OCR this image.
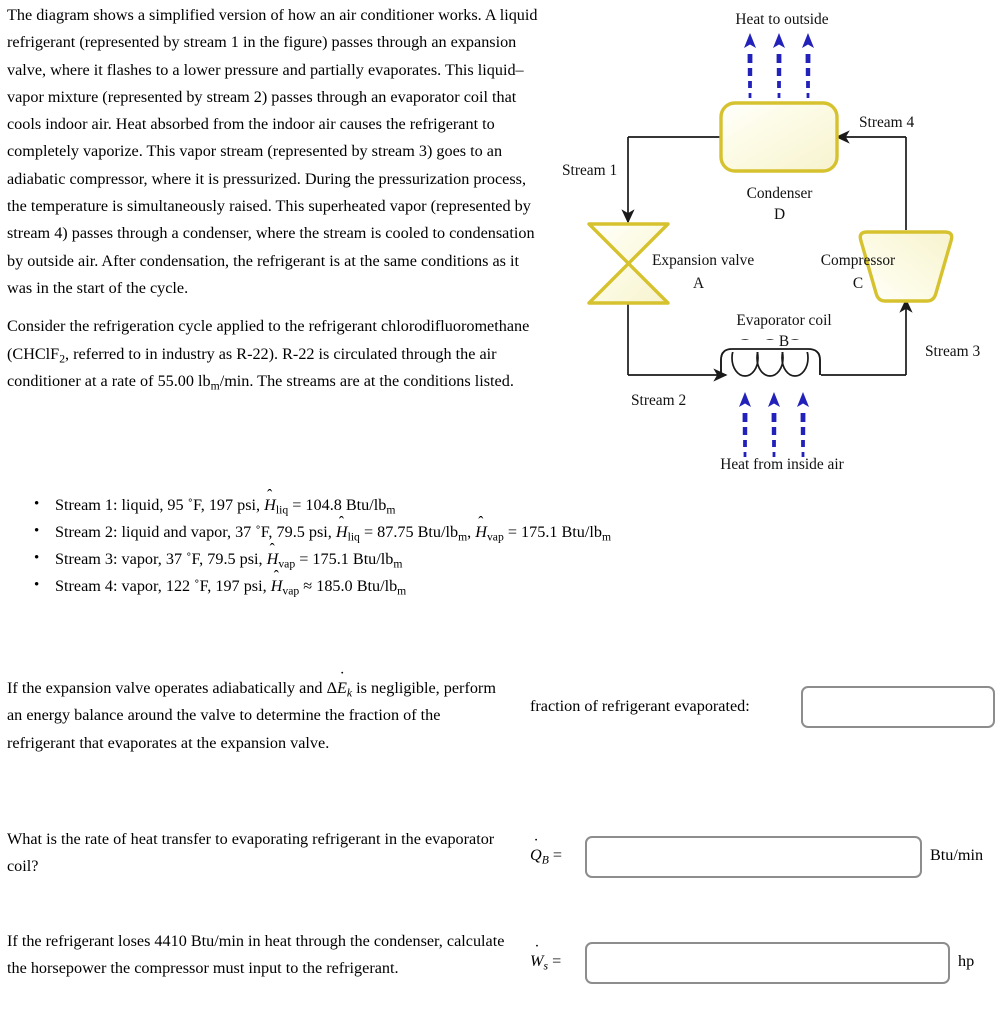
The diagram shows a simplified version of how an air conditioner works. A liquid refrigerant (represented by stream 1 in the figure) passes through an expansion valve, where it flashes to a lower pressure and partially evaporates. This liquid–vapor mixture (represented by stream 2) passes through an evaporator coil that cools indoor air. Heat absorbed from the indoor air causes the refrigerant to completely vaporize. This vapor stream (represented by stream 3) goes to an adiabatic compressor, where it is pressurized. During the pressurization process, the temperature is simultaneously raised. This superheated vapor (represented by stream 4) passes through a condenser, where the stream is cooled to condensation by outside air. After condensation, the refrigerant is at the same conditions as it was in the start of the cycle.

Consider the refrigeration cycle applied to the refrigerant chlorodifluoromethane (CHClF$_2$, referred to in industry as R-22). R-22 is circulated through the air conditioner at a rate of 55.00 $lb_m/\min$. The streams are at the conditions listed.

• Stream 1: liquid, 95 ˚F, 197 psi, H ˆ$_{liq}$ = 104.8 Btu/$lb_m$
• Stream 2: liquid and vapor, 37 ˚F, 79.5 psi, H ˆ$_{liq}$ = 87.75 Btu/$lb_m$, H ˆ$_{vap}$ = 175.1 Btu/$lb_m$
• Stream 3: vapor, 37 ˚F, 79.5 psi, H ˆ$_{vap}$ = 175.1 Btu/$lb_m$
• Stream 4: vapor, 122 ˚F, 197 psi, H ˆ$_{vap}$ ≈ 185.0 Btu/$lb_m$
Heat to outside
Condenser
D
Expansion valve
A
Compressor
C
Evaporator coil
B
Stream 1
Stream 2
Stream 3
Stream 4
Heat from inside air
If the expansion valve operates adiabatically and ΔE $˙_k$ is negligible, perform an energy balance around the valve to determine the fraction of the refrigerant that evaporates at the expansion valve.
fraction of refrigerant evaporated:
What is the rate of heat transfer to evaporating refrigerant in the evaporator coil?
Q $˙_B$ =	Btu/min
If the refrigerant loses 4410 Btu/min in heat through the condenser, calculate the horsepower the compressor must input to the refrigerant.	W $˙_s$ =	hp
